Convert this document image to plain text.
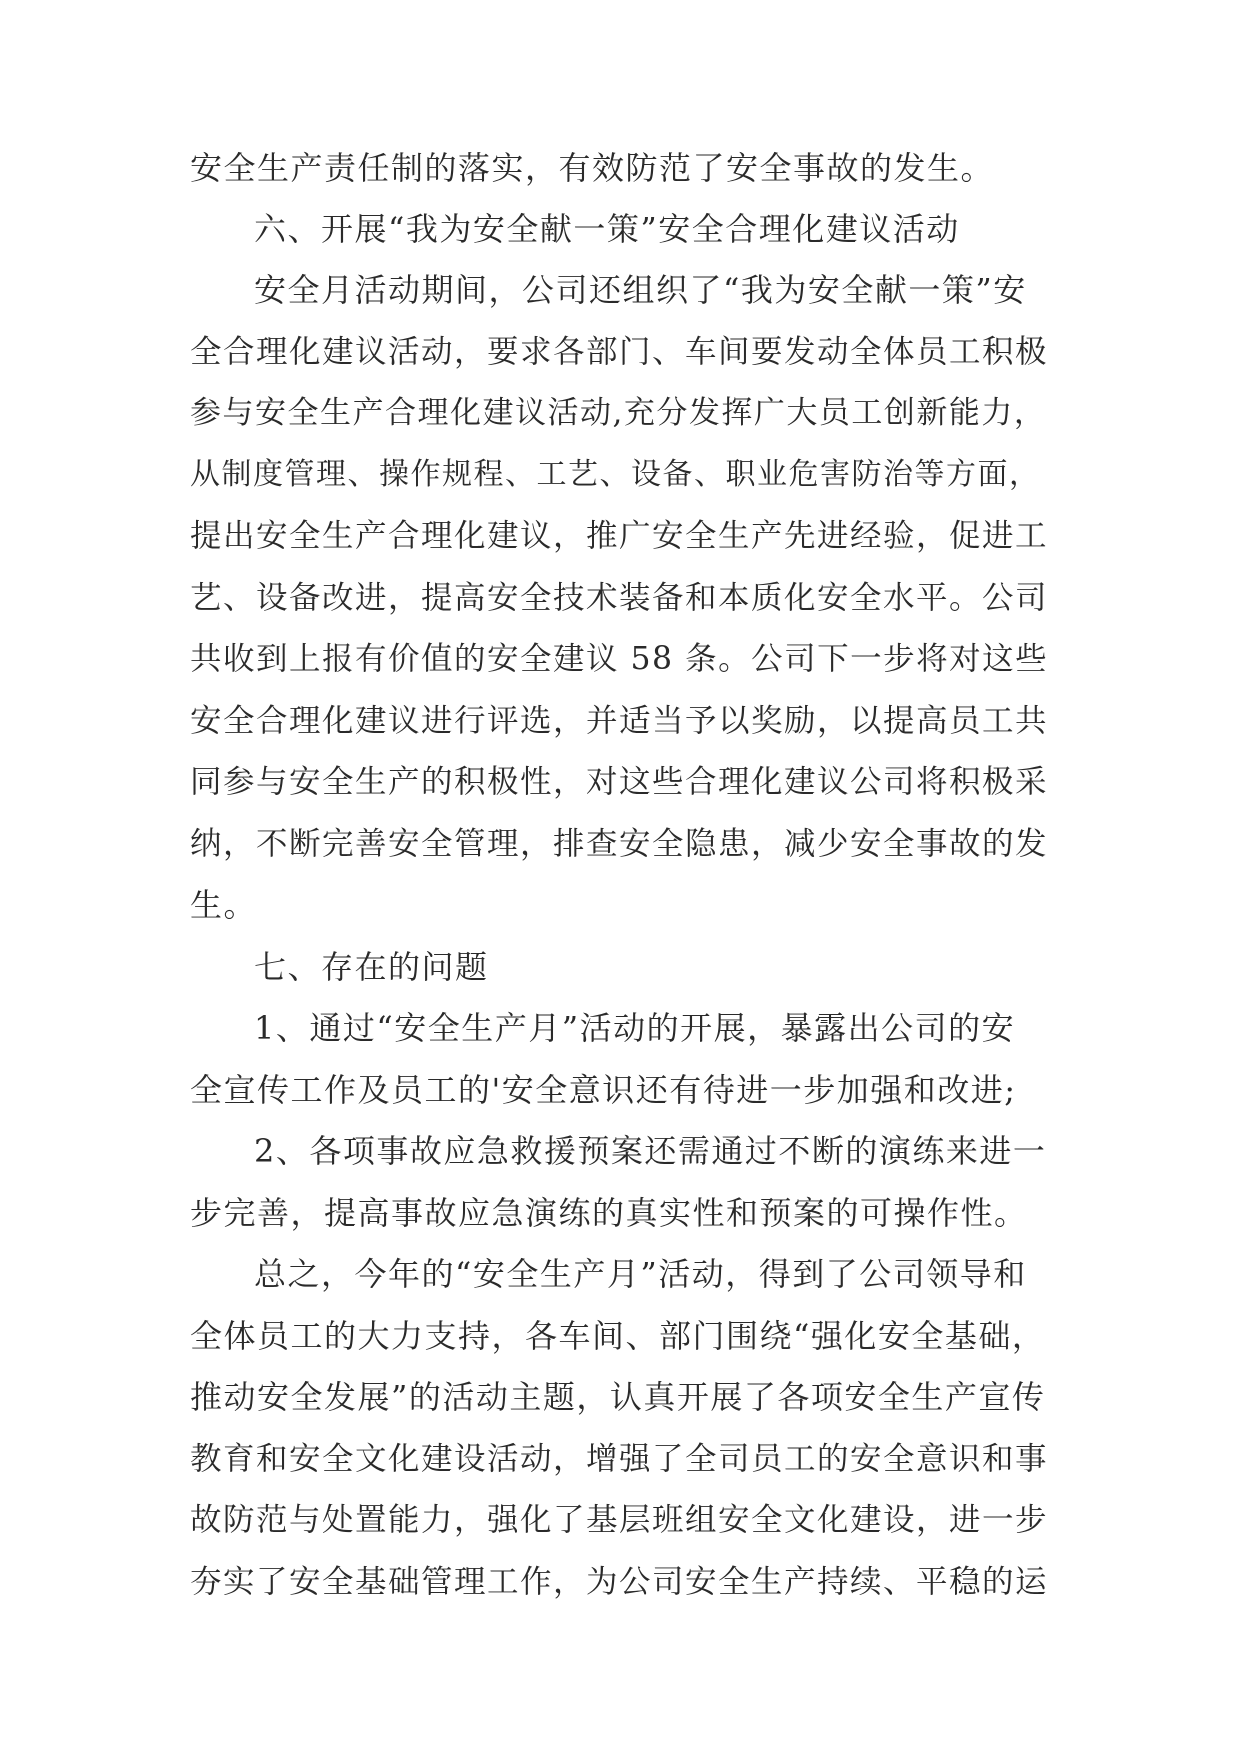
安全生产责任制的落实，有效防范了安全事故的发生。
六、开展“我为安全献一策”安全合理化建议活动
安全月活动期间，公司还组织了“我为安全献一策”安
全合理化建议活动，要求各部门、车间要发动全体员工积极
参与安全生产合理化建议活动,充分发挥广大员工创新能力，
从制度管理、操作规程、工艺、设备、职业危害防治等方面，
提出安全生产合理化建议，推广安全生产先进经验，促进工
艺、设备改进，提高安全技术装备和本质化安全水平。公司
共收到上报有价值的安全建议 58 条。公司下一步将对这些
安全合理化建议进行评选，并适当予以奖励，以提高员工共
同参与安全生产的积极性，对这些合理化建议公司将积极采
纳，不断完善安全管理，排查安全隐患，减少安全事故的发
生。
七、存在的问题
1、通过“安全生产月”活动的开展，暴露出公司的安
全宣传工作及员工的'安全意识还有待进一步加强和改进;
2、各项事故应急救援预案还需通过不断的演练来进一
步完善，提高事故应急演练的真实性和预案的可操作性。
总之，今年的“安全生产月”活动，得到了公司领导和
全体员工的大力支持，各车间、部门围绕“强化安全基础，
推动安全发展”的活动主题，认真开展了各项安全生产宣传
教育和安全文化建设活动，增强了全司员工的安全意识和事
故防范与处置能力，强化了基层班组安全文化建设，进一步
夯实了安全基础管理工作，为公司安全生产持续、平稳的运
